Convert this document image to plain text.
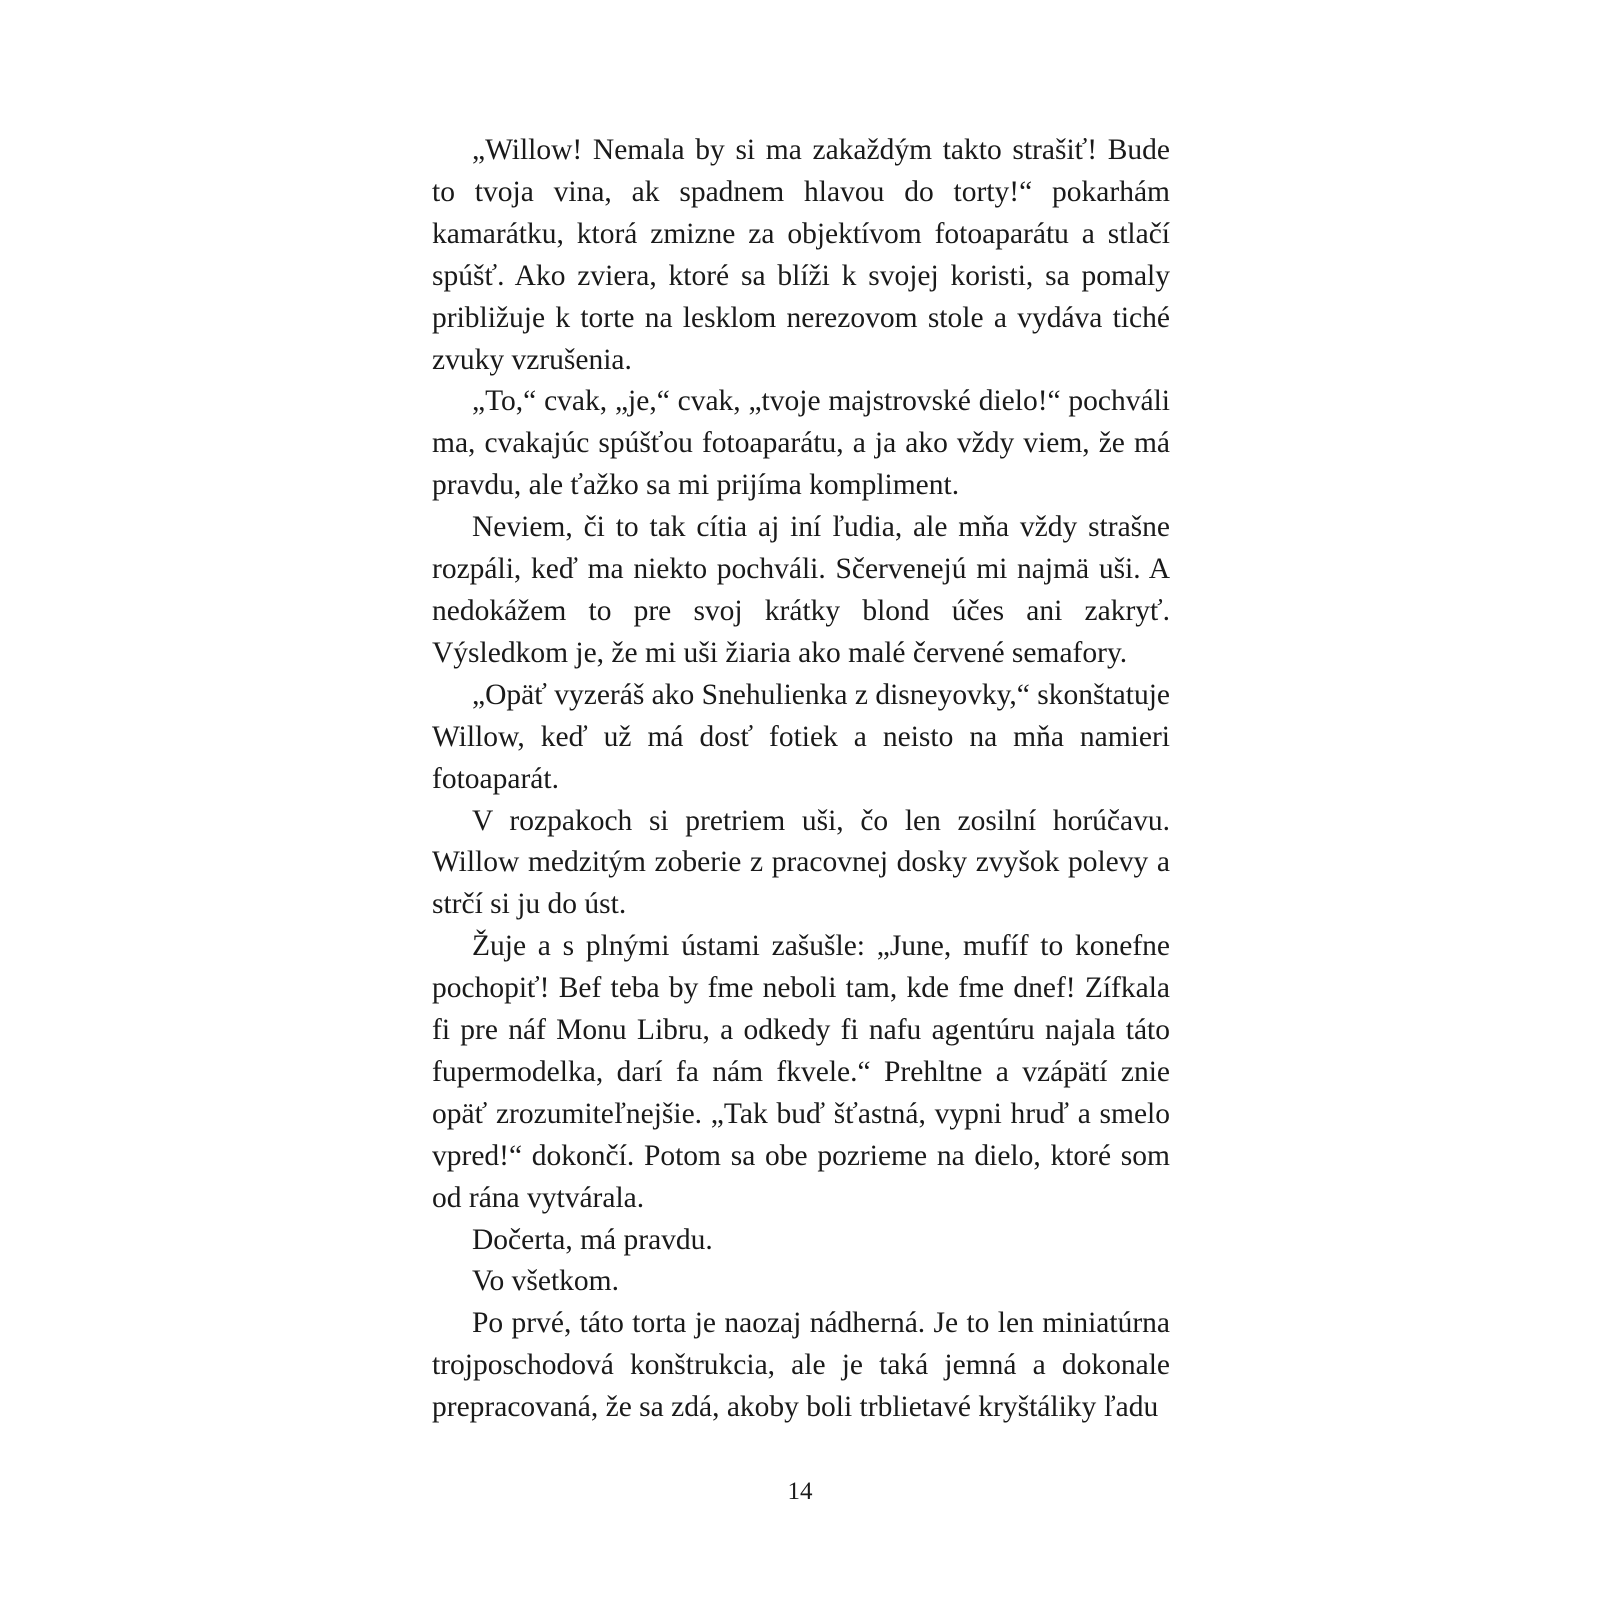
„Willow! Nemala by si ma zakaždým takto strašiť! Bude to tvoja vina, ak spadnem hlavou do torty!“ pokarhám kamarátku, ktorá zmizne za objektívom fotoaparátu a stlačí spúšť. Ako zviera, ktoré sa blíži k svojej koristi, sa pomaly približuje k torte na lesklom nerezovom stole a vydáva tiché zvuky vzrušenia.

„To,“ cvak, „je,“ cvak, „tvoje majstrovské dielo!“ pochváli ma, cvakajúc spúšťou fotoaparátu, a ja ako vždy viem, že má pravdu, ale ťažko sa mi prijíma kompliment.

Neviem, či to tak cítia aj iní ľudia, ale mňa vždy strašne rozpáli, keď ma niekto pochváli. Sčervenejú mi najmä uši. A nedokážem to pre svoj krátky blond účes ani zakryť. Výsledkom je, že mi uši žiaria ako malé červené semafory.

„Opäť vyzeráš ako Snehulienka z disneyovky,“ skonštatuje Willow, keď už má dosť fotiek a neisto na mňa namieri fotoaparát.

V rozpakoch si pretriem uši, čo len zosilní horúčavu. Willow medzitým zoberie z pracovnej dosky zvyšok polevy a strčí si ju do úst.

Žuje a s plnými ústami zašušle: „June, mufíf to konefne pochopiť! Bef teba by fme neboli tam, kde fme dnef! Zífkala fi pre náf Monu Libru, a odkedy fi nafu agentúru najala táto fupermodelka, darí fa nám fkvele.“ Prehltne a vzápätí znie opäť zrozumiteľnejšie. „Tak buď šťastná, vypni hruď a smelo vpred!“ dokončí. Potom sa obe pozrieme na dielo, ktoré som od rána vytvárala.

Dočerta, má pravdu.

Vo všetkom.

Po prvé, táto torta je naozaj nádherná. Je to len miniatúrna trojposchodová konštrukcia, ale je taká jemná a dokonale prepracovaná, že sa zdá, akoby boli trblietavé kryštáliky ľadu

14
